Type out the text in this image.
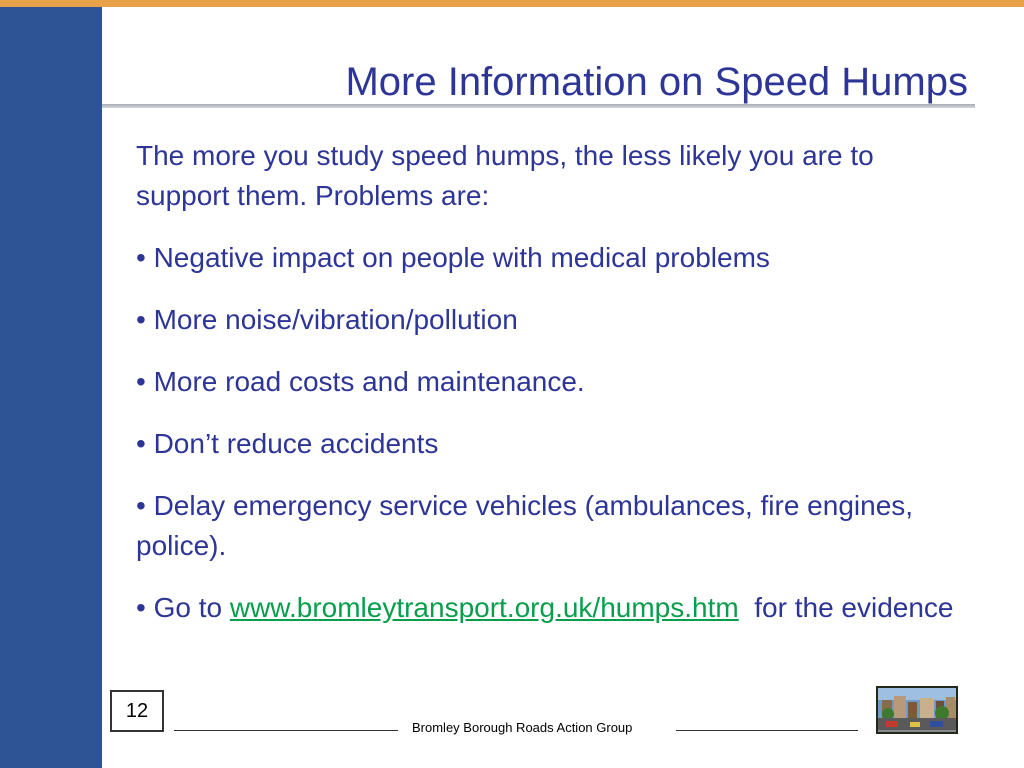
More Information on Speed Humps

The more you study speed humps, the less likely you are to support them. Problems are:

• Negative impact on people with medical problems

• More noise/vibration/pollution

• More road costs and maintenance.

• Don’t reduce accidents

• Delay emergency service vehicles (ambulances, fire engines, police).

• Go to www.bromleytransport.org.uk/humps.htm  for the evidence

12
Bromley Borough Roads Action Group
